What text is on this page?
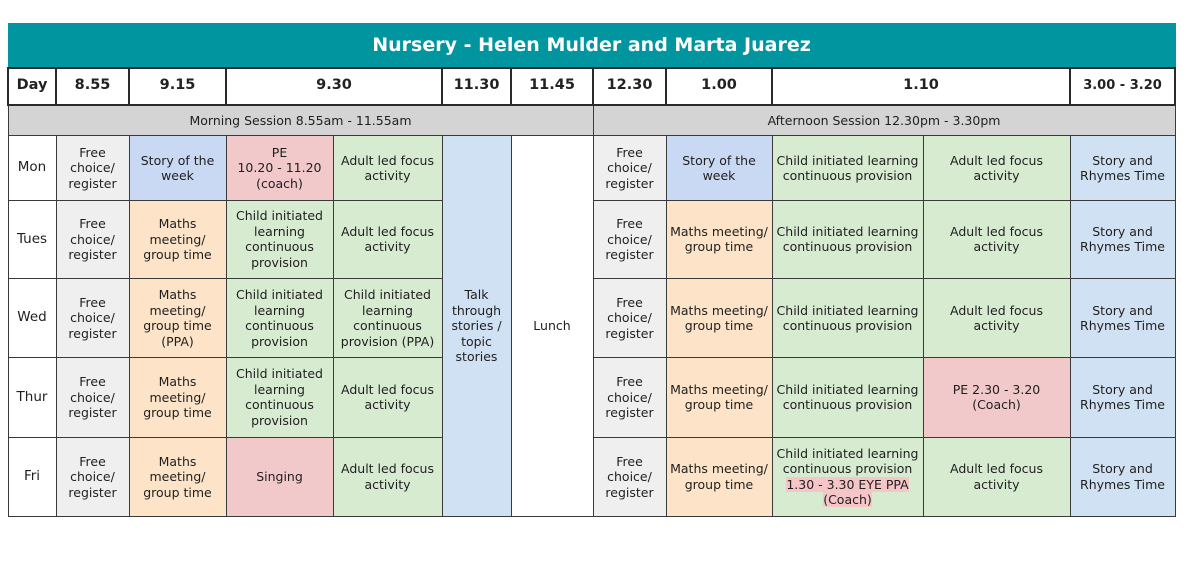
Nursery - Helen Mulder and Marta Juarez											
Day	8.55	9.15	9.30		11.30	11.45	12.30	1.00	1.10		3.00 - 3.20
Morning Session 8.55am - 11.55am							Afternoon Session 12.30pm - 3.30pm				
Mon	Free choice/ register	Story of the week	PE
10.20 - 11.20
(coach)	Adult led focus activity	Talk through stories / topic stories	Lunch	Free choice/ register	Story of the week	Child initiated learning continuous provision	Adult led focus activity	Story and Rhymes Time
Tues	Free choice/ register	Maths meeting/ group time	Child initiated learning continuous provision	Adult led focus activity			Free choice/ register	Maths meeting/ group time	Child initiated learning continuous provision	Adult led focus activity	Story and Rhymes Time
Wed	Free choice/ register	Maths meeting/ group time (PPA)	Child initiated learning continuous provision	Child initiated learning continuous provision (PPA)			Free choice/ register	Maths meeting/ group time	Child initiated learning continuous provision	Adult led focus activity	Story and Rhymes Time
Thur	Free choice/ register	Maths meeting/ group time	Child initiated learning continuous provision	Adult led focus activity			Free choice/ register	Maths meeting/ group time	Child initiated learning continuous provision	PE 2.30 - 3.20
(Coach)	Story and Rhymes Time
Fri	Free choice/ register	Maths meeting/ group time	Singing	Adult led focus activity			Free choice/ register	Maths meeting/ group time	Child initiated learning continuous provision
1.30 - 3.30 EYE PPA
(Coach)	Adult led focus activity	Story and Rhymes Time
